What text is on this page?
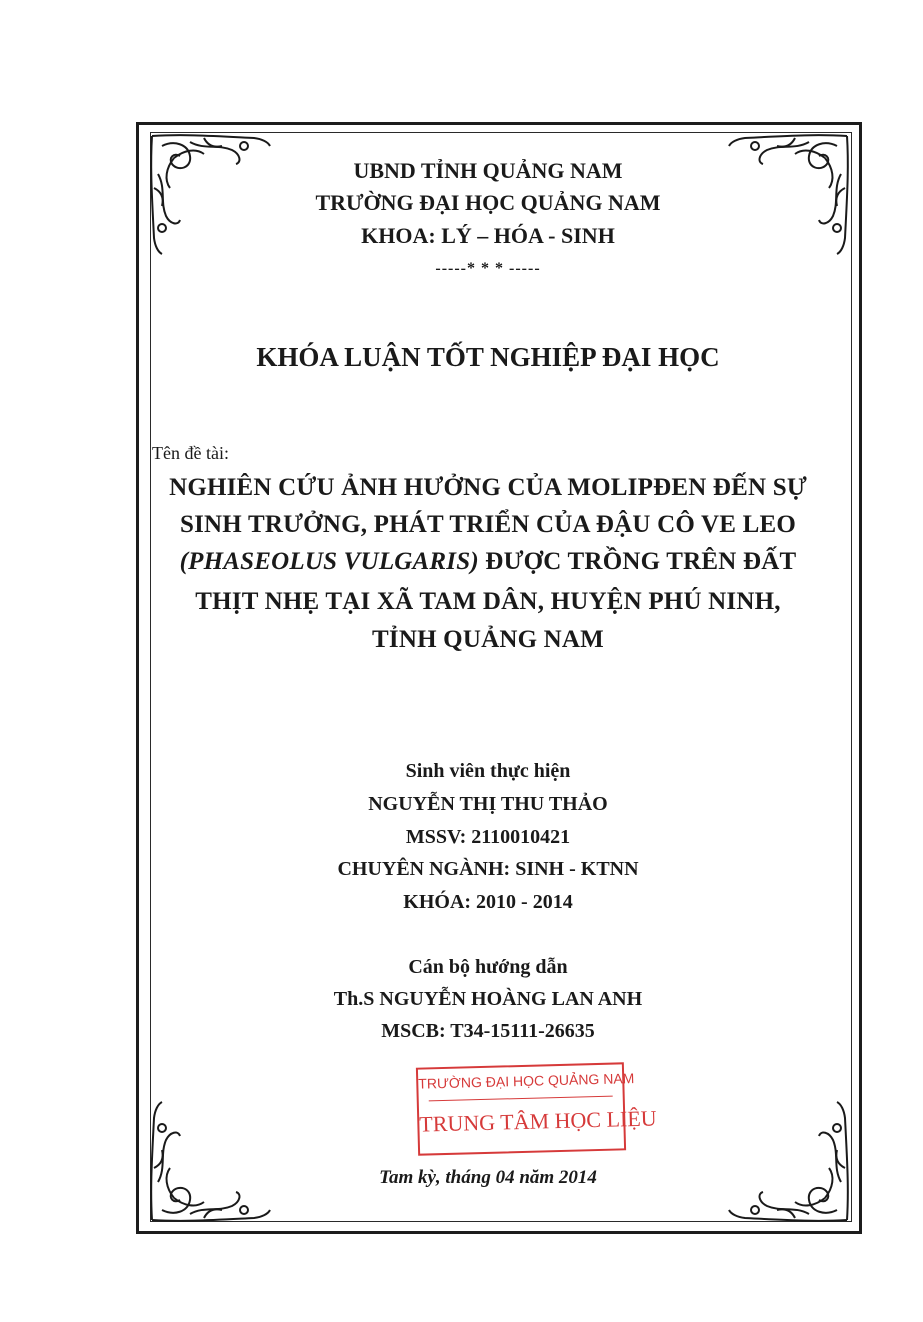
UBND TỈNH QUẢNG NAM
TRƯỜNG ĐẠI HỌC QUẢNG NAM
KHOA: LÝ – HÓA - SINH
-----* * * -----
KHÓA LUẬN TỐT NGHIỆP ĐẠI HỌC
Tên đề tài:
NGHIÊN CỨU ẢNH HƯỞNG CỦA MOLIPĐEN ĐẾN SỰ
SINH TRƯỞNG, PHÁT TRIỂN CỦA ĐẬU CÔ VE LEO
(PHASEOLUS VULGARIS) ĐƯỢC TRỒNG TRÊN ĐẤT
THỊT NHẸ TẠI XÃ TAM DÂN, HUYỆN PHÚ NINH,
TỈNH QUẢNG NAM
Sinh viên thực hiện
NGUYỄN THỊ THU THẢO
MSSV: 2110010421
CHUYÊN NGÀNH: SINH - KTNN
KHÓA: 2010 - 2014
Cán bộ hướng dẫn
Th.S NGUYỄN HOÀNG LAN ANH
MSCB: T34-15111-26635
TRƯỜNG ĐẠI HỌC QUẢNG NAM
TRUNG TÂM HỌC LIỆU
Tam kỳ, tháng 04 năm 2014
